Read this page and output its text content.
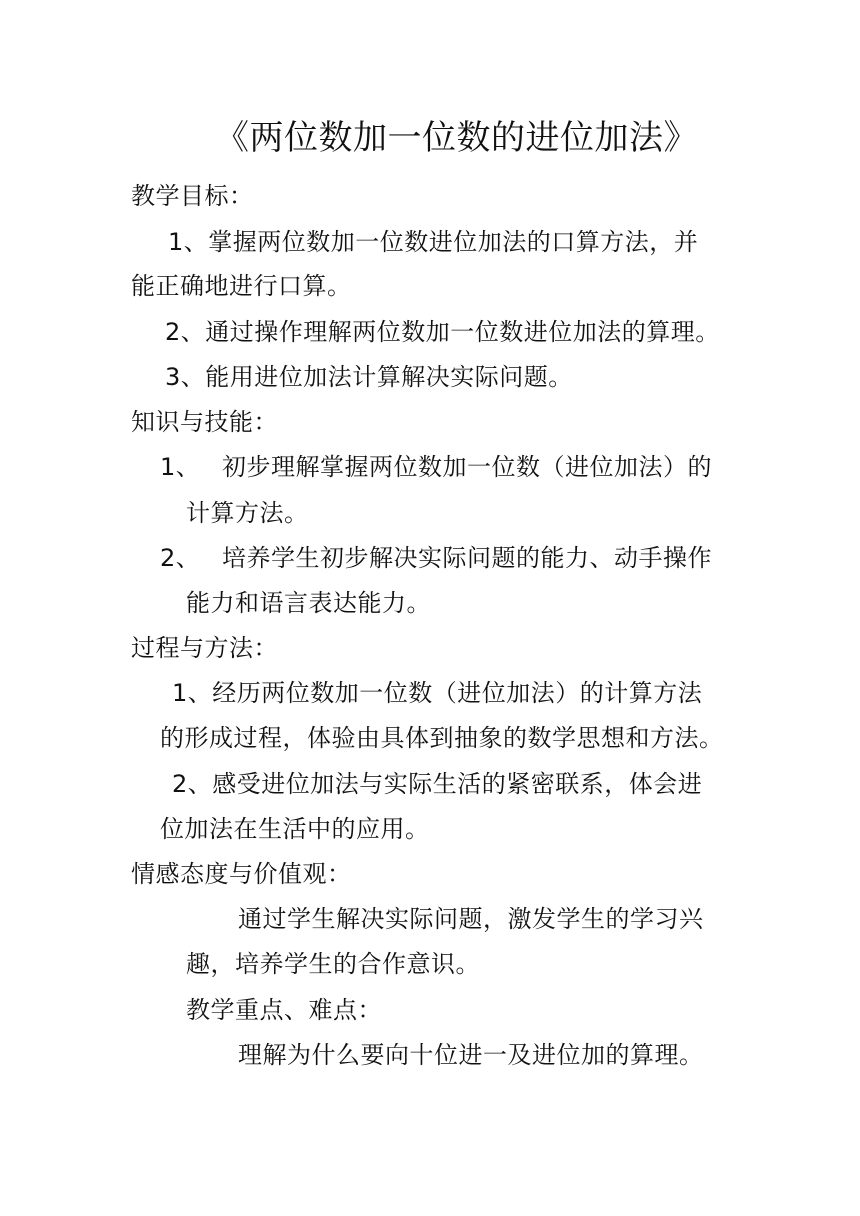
《两位数加一位数的进位加法》
教学目标：
1、掌握两位数加一位数进位加法的口算方法，并
能正确地进行口算。
2、通过操作理解两位数加一位数进位加法的算理。
3、能用进位加法计算解决实际问题。
知识与技能：
1、 初步理解掌握两位数加一位数（进位加法）的
计算方法。
2、 培养学生初步解决实际问题的能力、动手操作
能力和语言表达能力。
过程与方法：
1、经历两位数加一位数（进位加法）的计算方法
的形成过程，体验由具体到抽象的数学思想和方法。
2、感受进位加法与实际生活的紧密联系，体会进
位加法在生活中的应用。
情感态度与价值观：
通过学生解决实际问题，激发学生的学习兴
趣，培养学生的合作意识。
教学重点、难点：
理解为什么要向十位进一及进位加的算理。
